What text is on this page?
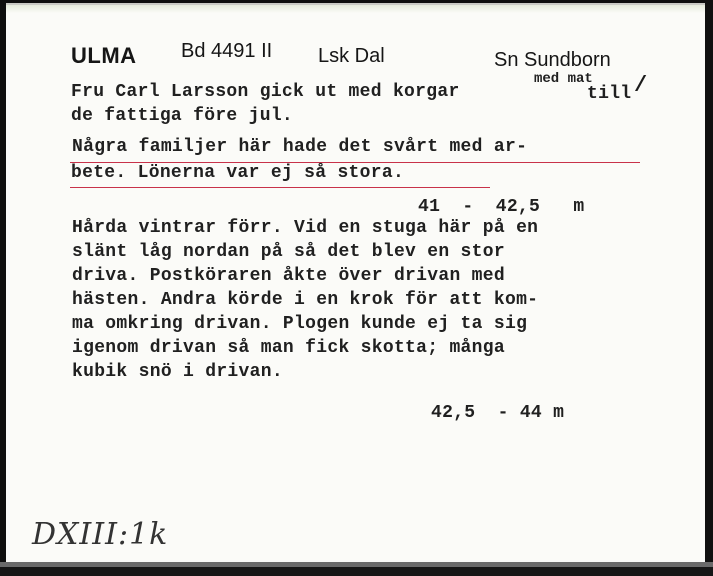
ULMA Bd 4491 II Lsk Dal	Sn Sundborn
med mat
Fru Carl Larsson gick ut med korgar	till /
de fattiga före jul.
Några familjer här hade det svårt med ar-
bete. Lönerna var ej så stora.
41  -  42,5   m
Hårda vintrar förr. Vid en stuga här på en
slänt låg nordan på så det blev en stor
driva. Postköraren åkte över drivan med
hästen. Andra körde i en krok för att kom-
ma omkring drivan. Plogen kunde ej ta sig
igenom drivan så man fick skotta; många
kubik snö i drivan.
42,5  - 44 m
DXIII:1k
